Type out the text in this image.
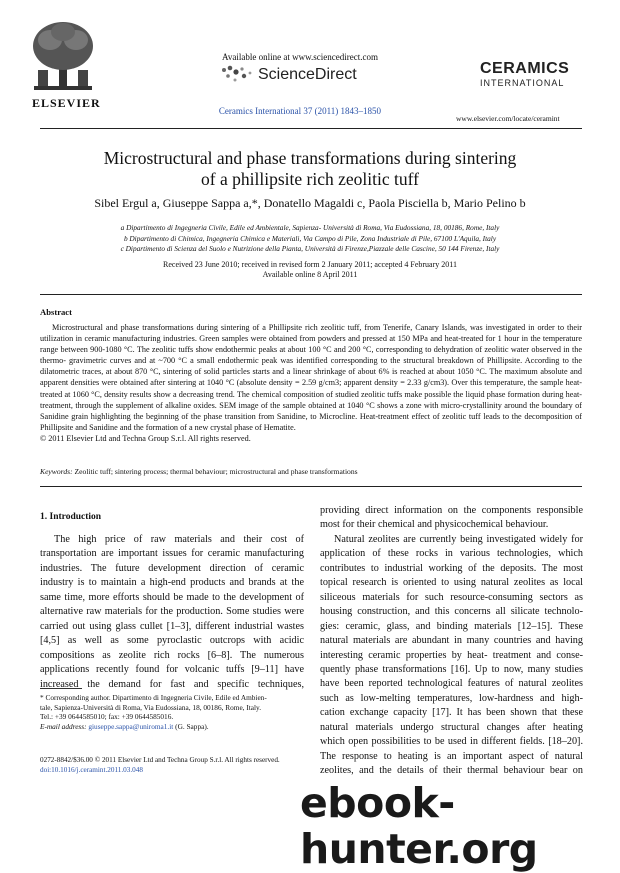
ELSEVIER
Available online at www.sciencedirect.com
ScienceDirect
Ceramics International 37 (2011) 1843–1850
CERAMICS
INTERNATIONAL
www.elsevier.com/locate/ceramint
Microstructural and phase transformations during sintering
of a phillipsite rich zeolitic tuff
Sibel Ergul a, Giuseppe Sappa a,*, Donatello Magaldi c, Paola Pisciella b, Mario Pelino b
a Dipartimento di Ingegneria Civile, Edile ed Ambientale, Sapienza- Università di Roma, Via Eudossiana, 18, 00186, Rome, Italy
b Dipartimento di Chimica, Ingegneria Chimica e Materiali, Via Campo di Pile, Zona Industriale di Pile, 67100 L'Aquila, Italy
c Dipartimento di Scienza del Suolo e Nutrizione della Pianta, Università di Firenze,Piazzale delle Cascine, 50 144 Firenze, Italy
Received 23 June 2010; received in revised form 2 January 2011; accepted 4 February 2011
Available online 8 April 2011
Abstract
Microstructural and phase transformations during sintering of a Phillipsite rich zeolitic tuff, from Tenerife, Canary Islands, was investigated in order to their utilization in ceramic manufacturing industries. Green samples were obtained from powders and pressed at 150 MPa and heat-treated for 1 hour in the temperature range between 900-1080 °C. The zeolitic tuffs show endothermic peaks at about 100 °C and 200 °C, corresponding to dehydration of zeolitic water observed in the thermo- gravimetric curves and at ~700 °C a small endothermic peak was identified corresponding to the structural breakdown of Phillipsite. According to the dilatometric traces, at about 870 °C, sintering of solid particles starts and a linear shrinkage of about 6% is reached at about 1050 °C. The maximum absolute and apparent densities were obtained after sintering at 1040 °C (absolute density = 2.59 g/cm3; apparent density = 2.33 g/cm3). Over this temperature, the sample heat-treated at 1060 °C, density results show a decreasing trend. The chemical composition of studied zeolitic tuffs make possible the liquid phase formation during heat-treatment, through the supplement of alkaline oxides. SEM image of the sample obtained at 1040 °C shows a zone with micro-crystallinity around the boundary of Sanidine grain highlighting the beginning of the phase transition from Sanidine, to Microcline. Heat-treatment effect of zeolitic tuff leads to the decomposition of Phillipsite and Sanidine and the formation of a new crystal phase of Hematite.
© 2011 Elsevier Ltd and Techna Group S.r.l. All rights reserved.
Keywords: Zeolitic tuff; sintering process; thermal behaviour; microstructural and phase transformations
1. Introduction
The high price of raw materials and their cost of
transportation are important issues for ceramic manufacturing
industries. The future development direction of ceramic
industry is to maintain a high-end products and brands at the
same time, more efforts should be made to the development of
alternative raw materials for the production. Some studies were
carried out using glass cullet [1–3], different industrial wastes
[4,5] as well as some pyroclastic outcrops with acidic
compositions as zeolite rich rocks [6–8]. The numerous
applications recently found for volcanic tuffs [9–11] have
increased the demand for fast and specific techniques,
providing direct information on the components responsible
most for their chemical and physicochemical behaviour.
Natural zeolites are currently being investigated widely for
application of these rocks in various technologies, which
contributes to industrial working of the deposits. The most
topical research is oriented to using natural zeolites as local
siliceous materials for such resource-consuming sectors as
housing construction, and this concerns all silicate technolo-
gies: ceramic, glass, and binding materials [12–15]. These
natural materials are abundant in many countries and having
interesting ceramic properties by heat- treatment and conse-
quently phase transformations [16]. Up to now, many studies
have been reported technological features of natural zeolites
such as low-melting temperatures, low-hardness and high-
cation exchange capacity [17]. It has been shown that these
natural materials undergo structural changes after heating
which open possibilities to be used in different fields. [18–20].
The response to heating is an important aspect of natural
zeolites, and the details of their thermal behaviour bear on
* Corresponding author. Dipartimento di Ingegneria Civile, Edile ed Ambien-
tale, Sapienza-Università di Roma, Via Eudossiana, 18, 00186, Rome, Italy.
Tel.: +39 0644585010; fax: +39 0644585016.
E-mail address: giuseppe.sappa@uniroma1.it (G. Sappa).
0272-8842/$36.00 © 2011 Elsevier Ltd and Techna Group S.r.l. All rights reserved.
doi:10.1016/j.ceramint.2011.03.048
ebook-hunter.org
